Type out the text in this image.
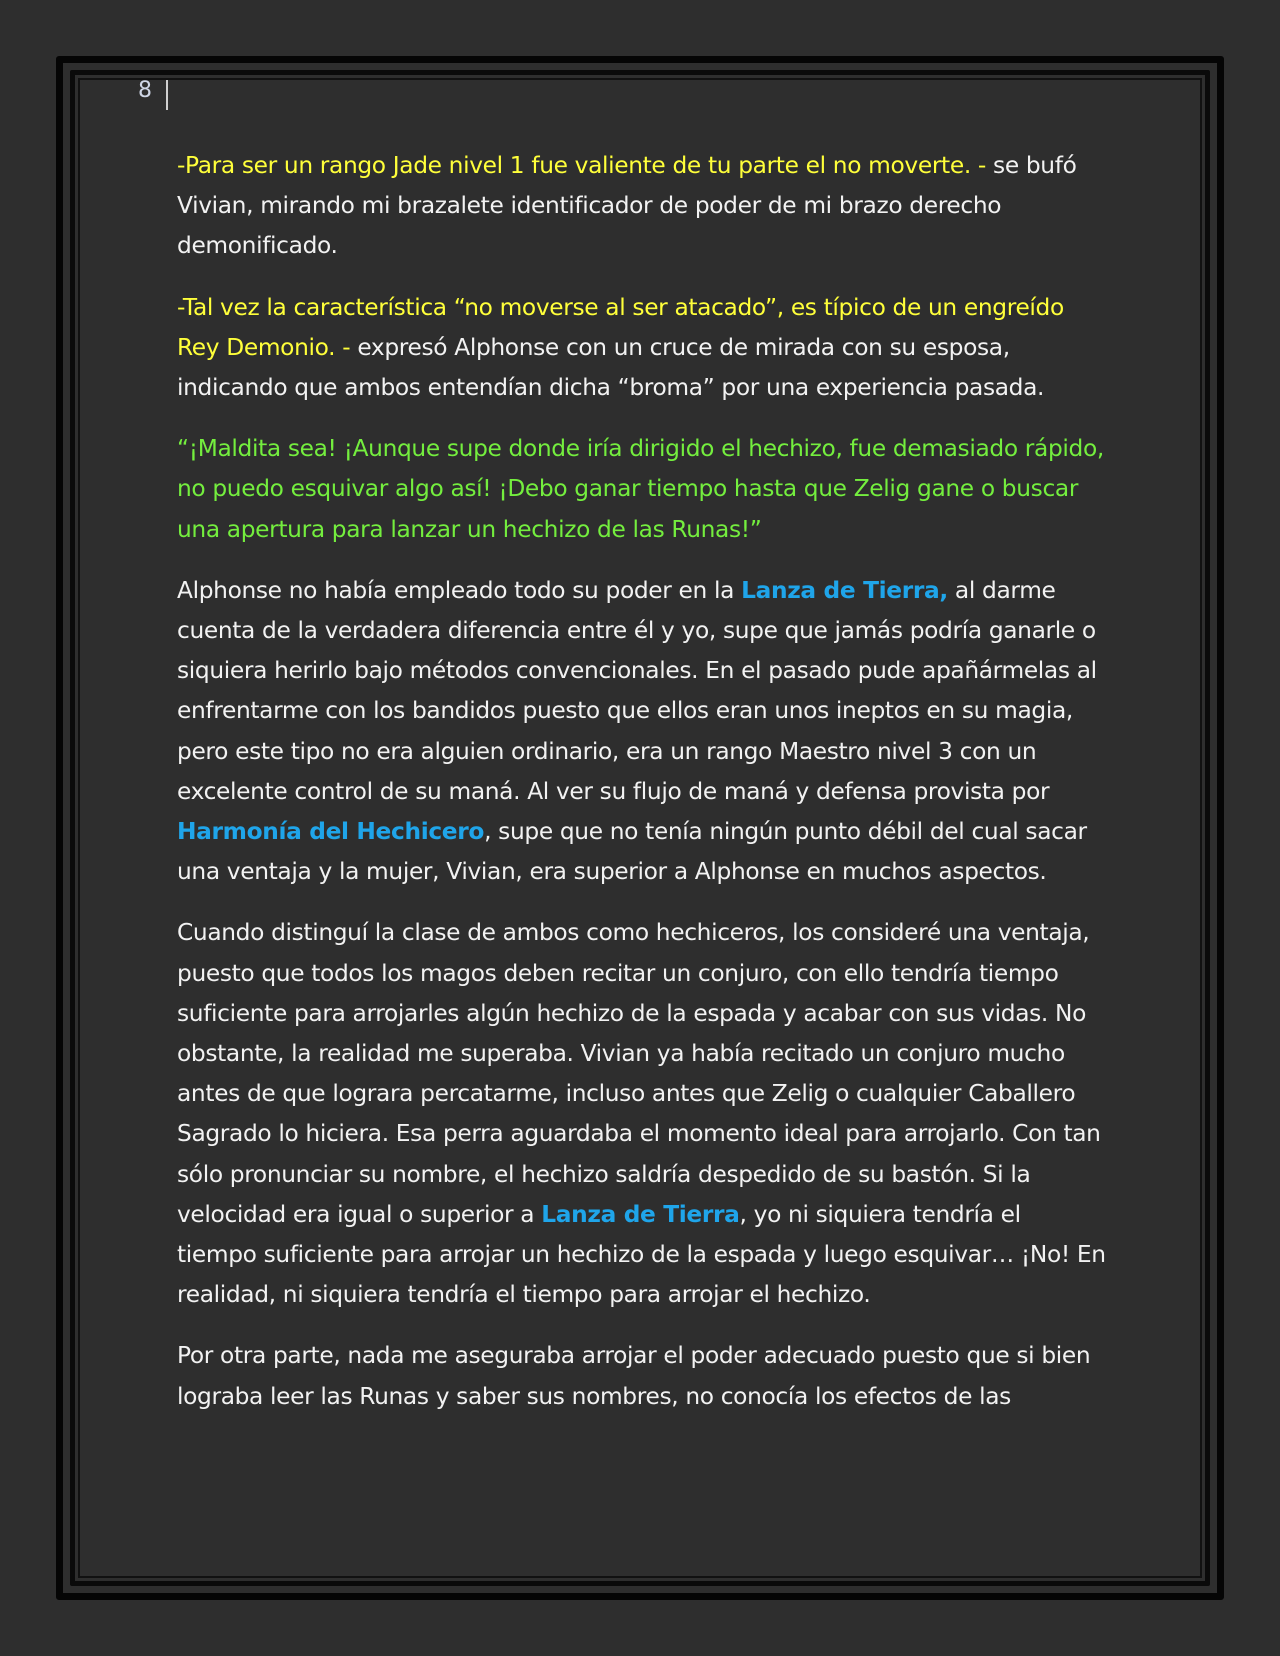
8

-Para ser un rango Jade nivel 1 fue valiente de tu parte el no moverte. - se bufó Vivian, mirando mi brazalete identificador de poder de mi brazo derecho demonificado.

-Tal vez la característica “no moverse al ser atacado”, es típico de un engreído Rey Demonio. - expresó Alphonse con un cruce de mirada con su esposa, indicando que ambos entendían dicha “broma” por una experiencia pasada.

“¡Maldita sea! ¡Aunque supe donde iría dirigido el hechizo, fue demasiado rápido, no puedo esquivar algo así! ¡Debo ganar tiempo hasta que Zelig gane o buscar una apertura para lanzar un hechizo de las Runas!”

Alphonse no había empleado todo su poder en la Lanza de Tierra, al darme cuenta de la verdadera diferencia entre él y yo, supe que jamás podría ganarle o siquiera herirlo bajo métodos convencionales. En el pasado pude apañármelas al enfrentarme con los bandidos puesto que ellos eran unos ineptos en su magia, pero este tipo no era alguien ordinario, era un rango Maestro nivel 3 con un excelente control de su maná. Al ver su flujo de maná y defensa provista por Harmonía del Hechicero, supe que no tenía ningún punto débil del cual sacar una ventaja y la mujer, Vivian, era superior a Alphonse en muchos aspectos.

Cuando distinguí la clase de ambos como hechiceros, los consideré una ventaja, puesto que todos los magos deben recitar un conjuro, con ello tendría tiempo suficiente para arrojarles algún hechizo de la espada y acabar con sus vidas. No obstante, la realidad me superaba. Vivian ya había recitado un conjuro mucho antes de que lograra percatarme, incluso antes que Zelig o cualquier Caballero Sagrado lo hiciera. Esa perra aguardaba el momento ideal para arrojarlo. Con tan sólo pronunciar su nombre, el hechizo saldría despedido de su bastón. Si la velocidad era igual o superior a Lanza de Tierra, yo ni siquiera tendría el tiempo suficiente para arrojar un hechizo de la espada y luego esquivar… ¡No! En realidad, ni siquiera tendría el tiempo para arrojar el hechizo.

Por otra parte, nada me aseguraba arrojar el poder adecuado puesto que si bien lograba leer las Runas y saber sus nombres, no conocía los efectos de las
